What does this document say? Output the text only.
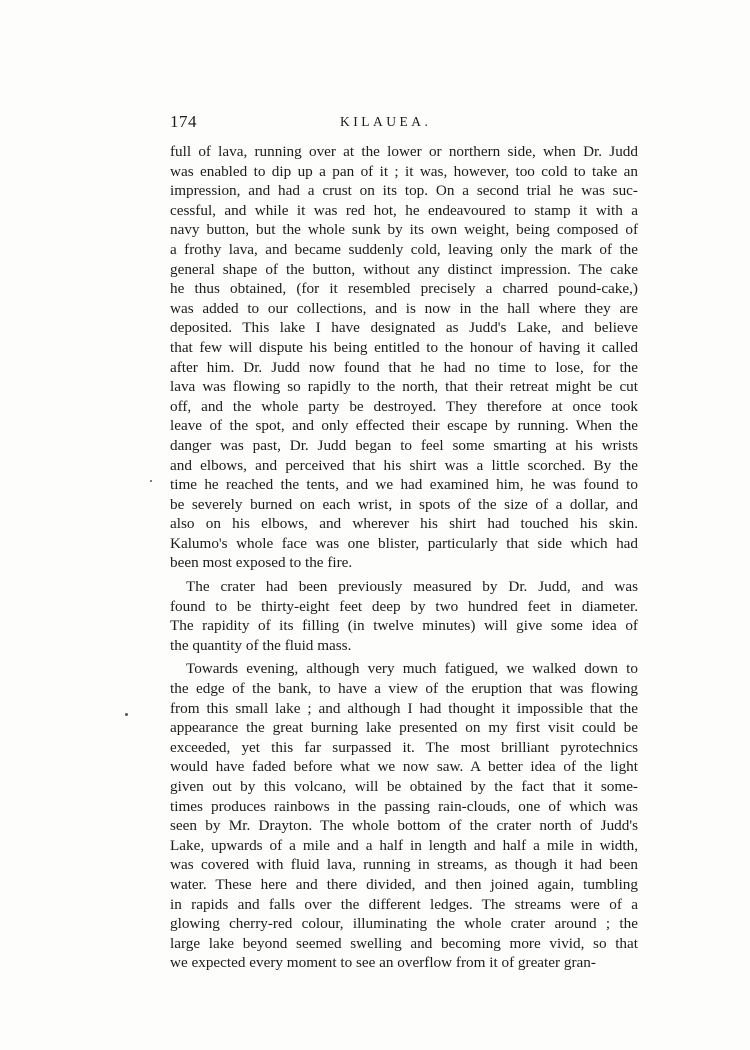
174	KILAUEA.
full of lava, running over at the lower or northern side, when Dr. Judd
was enabled to dip up a pan of it ; it was, however, too cold to take an
impression, and had a crust on its top. On a second trial he was suc-
cessful, and while it was red hot, he endeavoured to stamp it with a
navy button, but the whole sunk by its own weight, being composed of
a frothy lava, and became suddenly cold, leaving only the mark of the
general shape of the button, without any distinct impression. The cake
he thus obtained, (for it resembled precisely a charred pound-cake,)
was added to our collections, and is now in the hall where they are
deposited. This lake I have designated as Judd's Lake, and believe
that few will dispute his being entitled to the honour of having it called
after him. Dr. Judd now found that he had no time to lose, for the
lava was flowing so rapidly to the north, that their retreat might be cut
off, and the whole party be destroyed. They therefore at once took
leave of the spot, and only effected their escape by running. When the
danger was past, Dr. Judd began to feel some smarting at his wrists
and elbows, and perceived that his shirt was a little scorched. By the
time he reached the tents, and we had examined him, he was found to
be severely burned on each wrist, in spots of the size of a dollar, and
also on his elbows, and wherever his shirt had touched his skin.
Kalumo's whole face was one blister, particularly that side which had
been most exposed to the fire.
The crater had been previously measured by Dr. Judd, and was
found to be thirty-eight feet deep by two hundred feet in diameter.
The rapidity of its filling (in twelve minutes) will give some idea of
the quantity of the fluid mass.
Towards evening, although very much fatigued, we walked down to
the edge of the bank, to have a view of the eruption that was flowing
from this small lake ; and although I had thought it impossible that the
appearance the great burning lake presented on my first visit could be
exceeded, yet this far surpassed it. The most brilliant pyrotechnics
would have faded before what we now saw. A better idea of the light
given out by this volcano, will be obtained by the fact that it some-
times produces rainbows in the passing rain-clouds, one of which was
seen by Mr. Drayton. The whole bottom of the crater north of Judd's
Lake, upwards of a mile and a half in length and half a mile in width,
was covered with fluid lava, running in streams, as though it had been
water. These here and there divided, and then joined again, tumbling
in rapids and falls over the different ledges. The streams were of a
glowing cherry-red colour, illuminating the whole crater around ; the
large lake beyond seemed swelling and becoming more vivid, so that
we expected every moment to see an overflow from it of greater gran-
